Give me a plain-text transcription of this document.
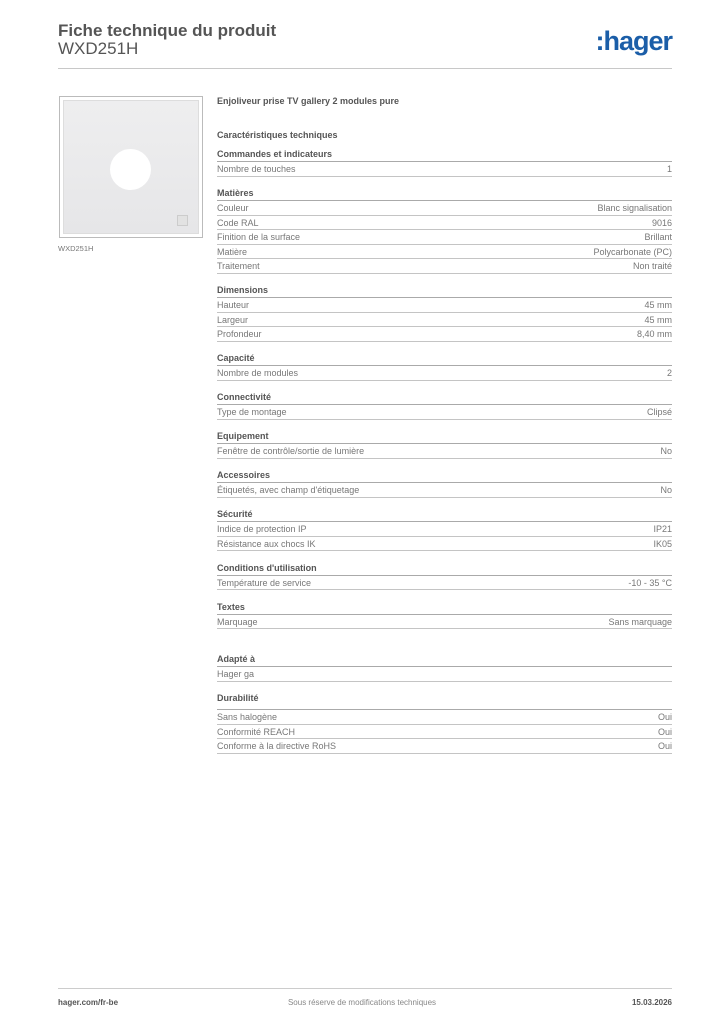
Fiche technique du produit
WXD251H	:hager
WXD251H
Enjoliveur prise TV gallery 2 modules pure
Caractéristiques techniques
Commandes et indicateurs
Nombre de touches	1
Matières
Couleur	Blanc signalisation
Code RAL	9016
Finition de la surface	Brillant
Matière	Polycarbonate (PC)
Traitement	Non traité
Dimensions
Hauteur	45 mm
Largeur	45 mm
Profondeur	8,40 mm
Capacité
Nombre de modules	2
Connectivité
Type de montage	Clipsé
Equipement
Fenêtre de contrôle/sortie de lumière	No
Accessoires
Étiquetés, avec champ d'étiquetage	No
Sécurité
Indice de protection IP	IP21
Résistance aux chocs IK	IK05
Conditions d'utilisation
Température de service	-10 - 35 °C
Textes
Marquage	Sans marquage
Adapté à
Hager ga
Durabilité
Sans halogène	Oui
Conformité REACH	Oui
Conforme à la directive RoHS	Oui
hager.com/fr-be	Sous réserve de modifications techniques	15.03.2026
